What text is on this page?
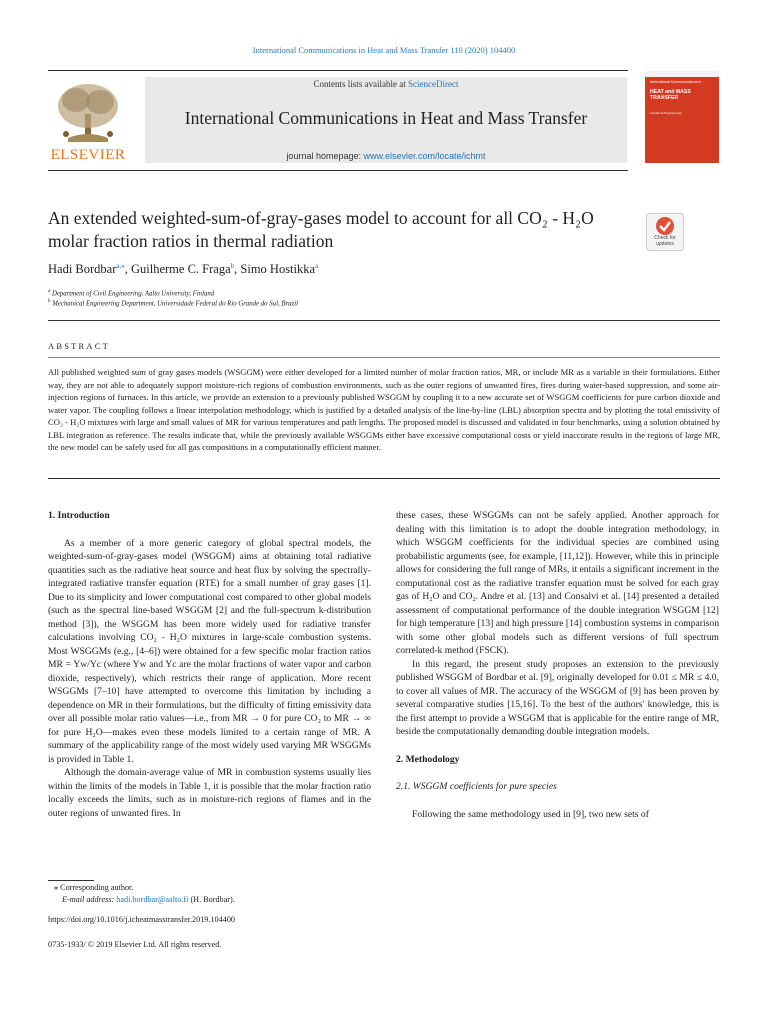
International Communications in Heat and Mass Transfer 110 (2020) 104400
ELSEVIER
Contents lists available at ScienceDirect
International Communications in Heat and Mass Transfer
journal homepage: www.elsevier.com/locate/ichmt
International Communications in
HEAT and MASS TRANSFER
Chemical Engineering
An extended weighted-sum-of-gray-gases model to account for all CO₂ - H₂O
molar fraction ratios in thermal radiation	Check for updates
Hadi Bordbar$^{a,⁎}$, Guilherme C. Fraga$^b$, Simo Hostikka$^a$
$^a$ Department of Civil Engineering, Aalto University, Finland
$^b$ Mechanical Engineering Department, Universidade Federal do Rio Grande do Sul, Brazil
ABSTRACT
All published weighted sum of gray gases models (WSGGM) were either developed for a limited number of molar fraction ratios, MR, or include MR as a variable in their formulations. Either way, they are not able to adequately support moisture-rich regions of combustion environments, such as the outer regions of unwanted fires, fires during water-based suppression, and some air-injection regions of furnaces. In this article, we provide an extension to a previously published WSGGM by coupling it to a new accurate set of WSGGM coefficients for pure carbon dioxide and water vapor. The coupling follows a linear interpolation methodology, which is justified by a detailed analysis of the line-by-line (LBL) absorption spectra and by plotting the total emissivity of CO₂ - H₂O mixtures with large and small values of MR for various temperatures and path lengths. The proposed model is discussed and validated in four benchmarks, using a solution obtained by LBL integration as reference. The results indicate that, while the previously available WSGGMs either have excessive computational costs or yield inaccurate results in the regions of large MR, the new model can be safely used for all gas compositions in a computationally efficient manner.
1. Introduction

As a member of a more generic category of global spectral models, the weighted-sum-of-gray-gases model (WSGGM) aims at obtaining total radiative quantities such as the radiative heat source and heat flux by solving the spectrally-integrated radiative transfer equation (RTE) for a small number of gray gases [1]. Due to its simplicity and lower computational cost compared to other global models (such as the spectral line-based WSGGM [2] and the full-spectrum k-distribution method [3]), the WSGGM has been more widely used for radiative transfer calculations involving CO₂ - H₂O mixtures in large-scale combustion systems. Most WSGGMs (e.g., [4–6]) were obtained for a few specific molar fraction ratios MR = Yw/Yc (where Yw and Yc are the molar fractions of water vapor and carbon dioxide, respectively), which restricts their range of application. More recent WSGGMs [7–10] have attempted to overcome this limitation by including a dependence on MR in their formulations, but the difficulty of fitting emissivity data over all possible molar ratio values—i.e., from MR → 0 for pure CO₂ to MR → ∞ for pure H₂O—makes even these models limited to a certain range of MR. A summary of the applicability range of the most widely used varying MR WSGGMs is provided in Table 1.

Although the domain-average value of MR in combustion systems usually lies within the limits of the models in Table 1, it is possible that the molar fraction ratio locally exceeds the limits, such as in moisture-rich regions of flames and in the outer regions of unwanted fires. In

these cases, these WSGGMs can not be safely applied. Another approach for dealing with this limitation is to adopt the double integration methodology, in which WSGGM coefficients for the individual species are combined using probabilistic arguments (see, for example, [11,12]). However, while this in principle allows for considering the full range of MRs, it entails a significant increment in the computational cost as the radiative transfer equation must be solved for each gray gas of H₂O and CO₂. Andre et al. [13] and Consalvi et al. [14] presented a detailed assessment of computational performance of the double integration WSGGM [12] for high temperature [13] and high pressure [14] combustion systems in comparison with some other global models such as different versions of full spectrum correlated-k method (FSCK).

In this regard, the present study proposes an extension to the previously published WSGGM of Bordbar et al. [9], originally developed for 0.01 ≤ MR ≤ 4.0, to cover all values of MR. The accuracy of the WSGGM of [9] has been proven by several comparative studies [15,16]. To the best of the authors' knowledge, this is the first attempt to provide a WSGGM that is applicable for the entire range of MR, beside the computationally demanding double integration models.

2. Methodology
2.1. WSGGM coefficients for pure species

Following the same methodology used in [9], two new sets of

⁎ Corresponding author.
E-mail address: hadi.bordbar@aalto.fi (H. Bordbar).
https://doi.org/10.1016/j.icheatmasstransfer.2019.104400
0735-1933/ © 2019 Elsevier Ltd. All rights reserved.
